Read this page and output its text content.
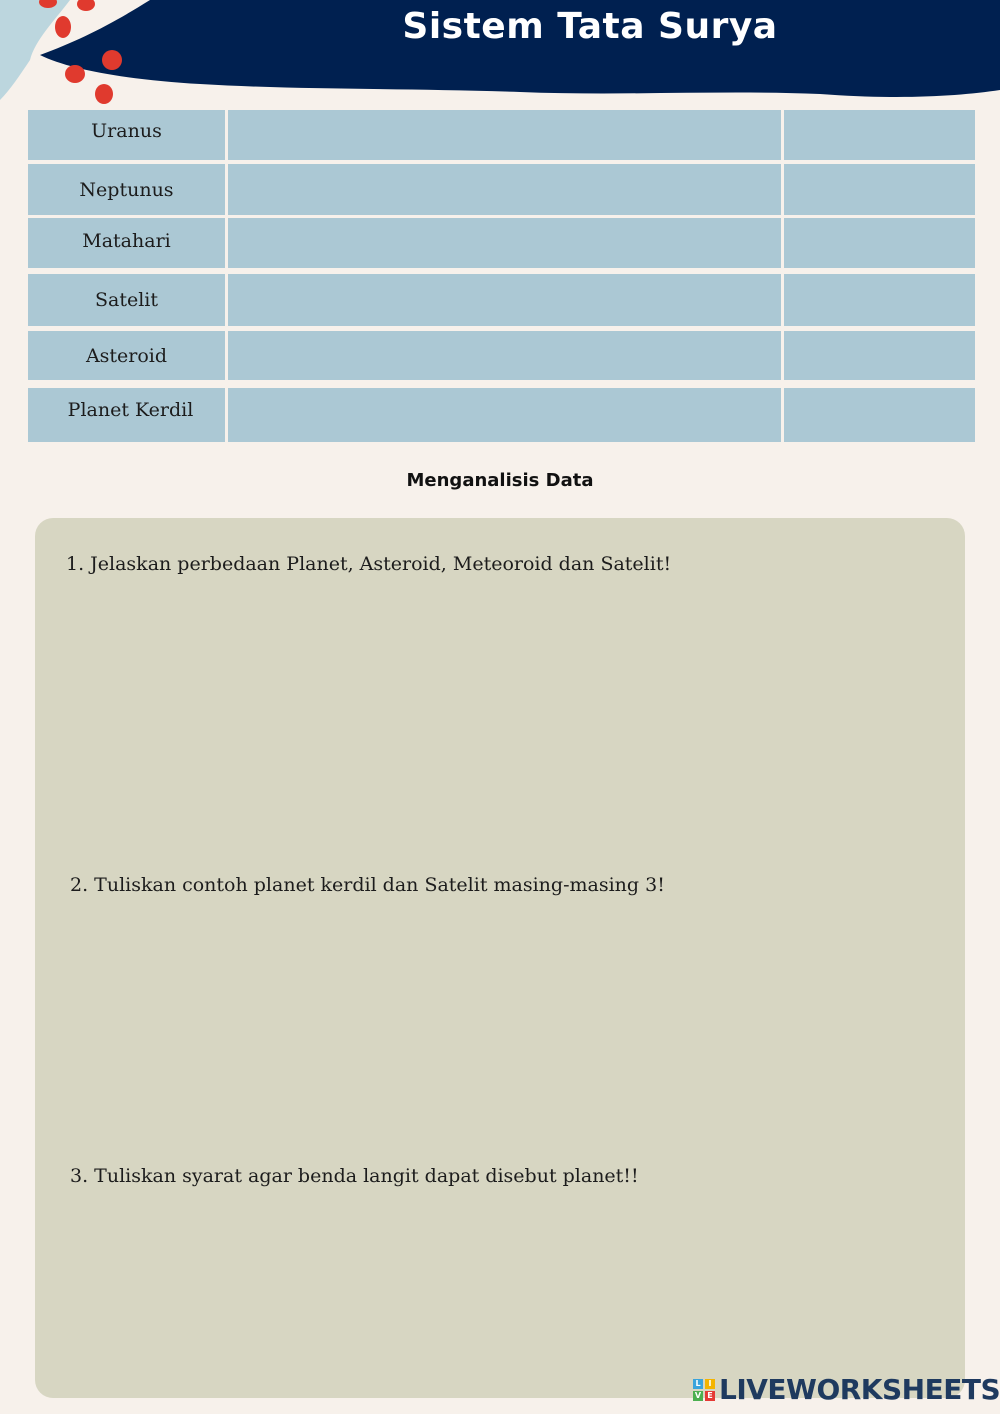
Sistem Tata Surya
Uranus
Neptunus
Matahari
Satelit
Asteroid
Planet Kerdil
Menganalisis Data
1. Jelaskan perbedaan Planet, Asteroid, Meteoroid dan Satelit!
2. Tuliskan contoh planet kerdil dan Satelit masing-masing 3!
3. Tuliskan syarat agar benda langit dapat disebut planet!!
L I
V E LIVEWORKSHEETS
